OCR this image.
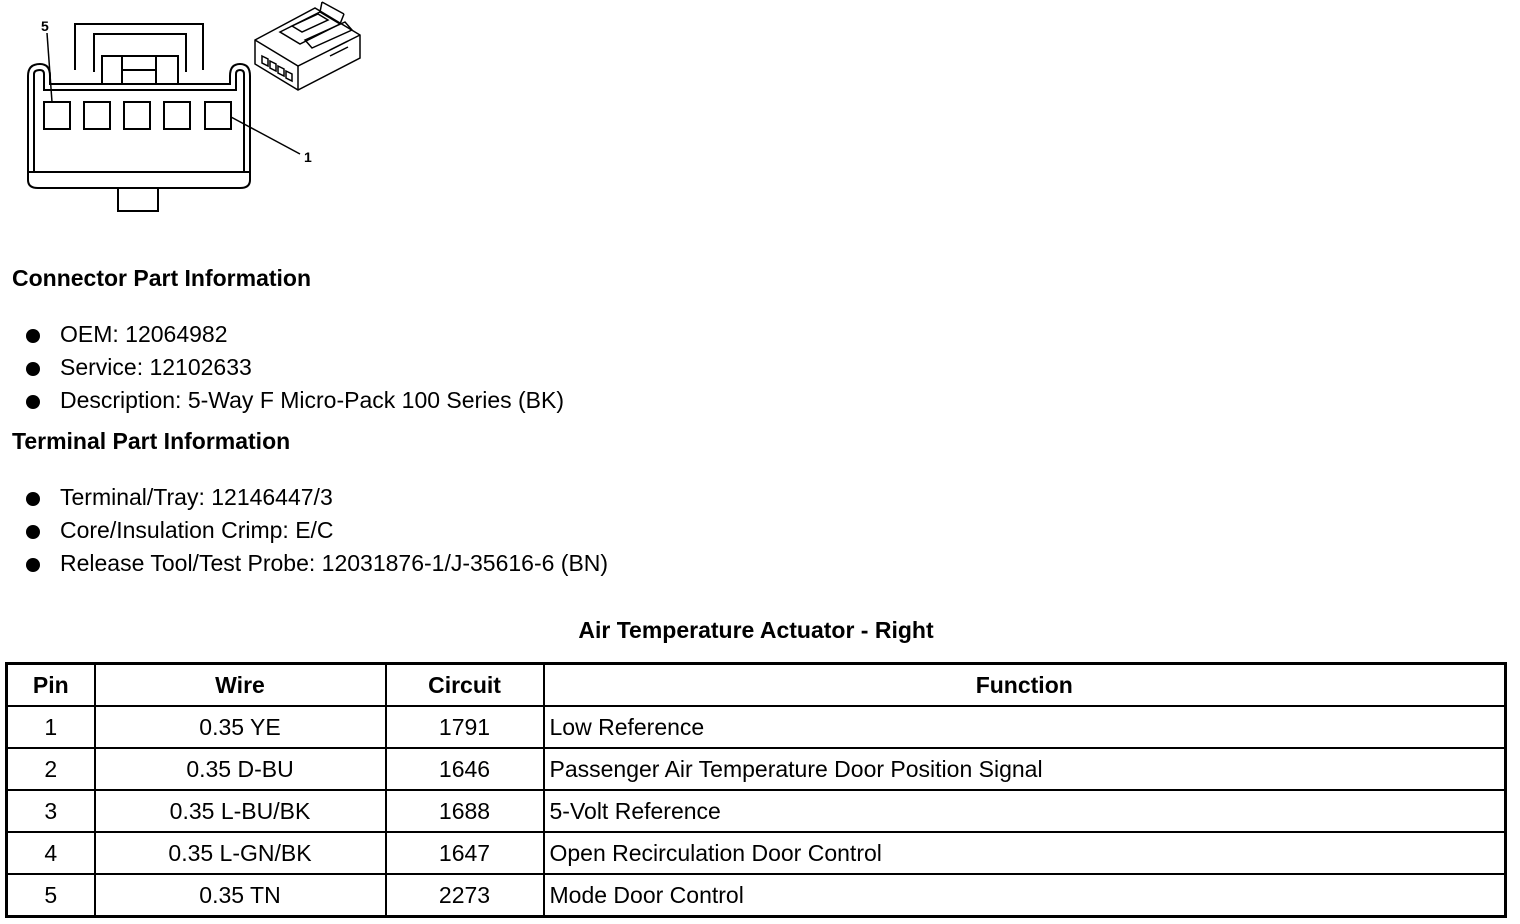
5
1
Connector Part Information
OEM: 12064982
Service: 12102633
Description: 5-Way F Micro-Pack 100 Series (BK)
Terminal Part Information
Terminal/Tray: 12146447/3
Core/Insulation Crimp: E/C
Release Tool/Test Probe: 12031876-1/J-35616-6 (BN)
Air Temperature Actuator - Right
Pin	Wire	Circuit	Function
1	0.35 YE	1791	Low Reference
2	0.35 D-BU	1646	Passenger Air Temperature Door Position Signal
3	0.35 L-BU/BK	1688	5-Volt Reference
4	0.35 L-GN/BK	1647	Open Recirculation Door Control
5	0.35 TN	2273	Mode Door Control
